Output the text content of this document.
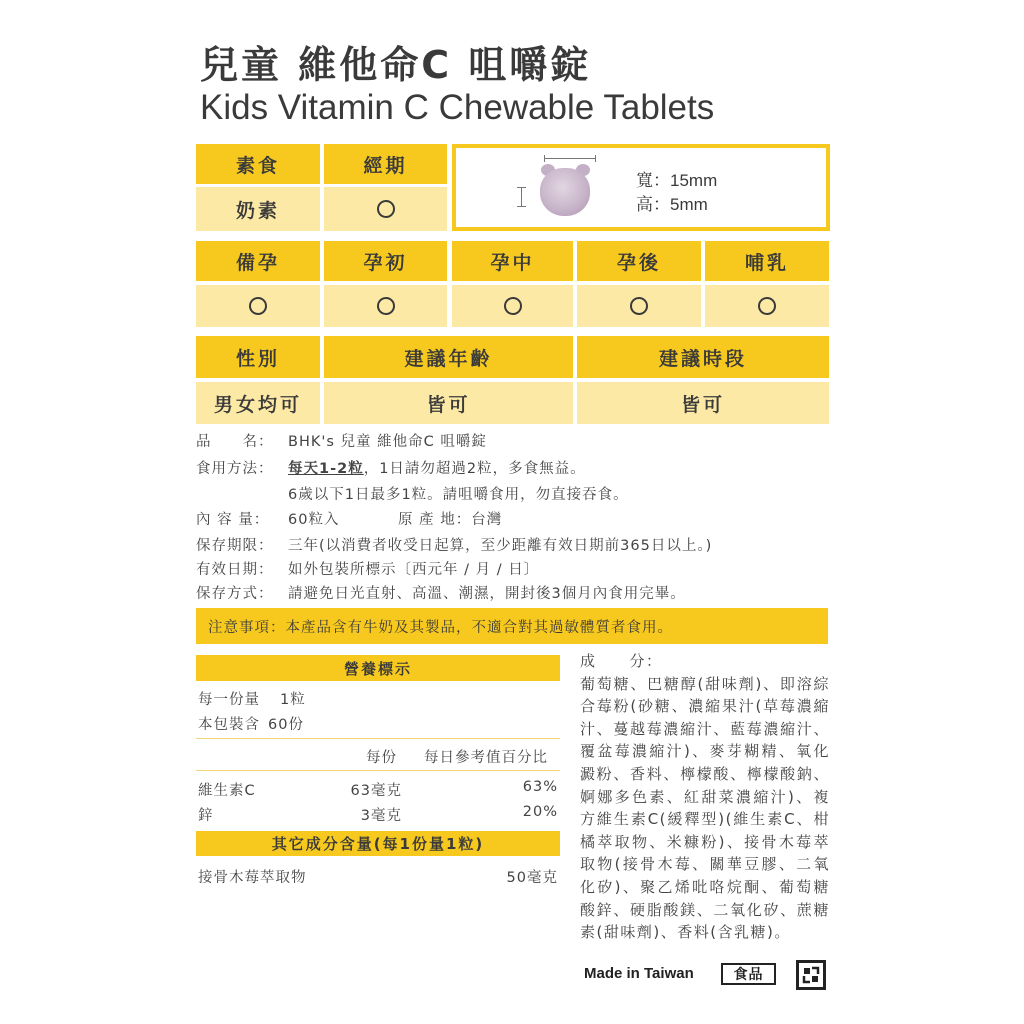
兒童 維他命C 咀嚼錠
Kids Vitamin C Chewable Tablets
素食	經期
奶素
寬：15mm
高：5mm
備孕	孕初	孕中	孕後	哺乳
性別	建議年齡	建議時段
男女均可	皆可	皆可
品　　名： BHK's 兒童 維他命C 咀嚼錠
食用方法： 每天1-2粒，1日請勿超過2粒，多食無益。
6歲以下1日最多1粒。請咀嚼食用，勿直接吞食。
內 容 量： 60粒入	原 產 地：台灣
保存期限： 三年(以消費者收受日起算，至少距離有效日期前365日以上。)
有效日期： 如外包裝所標示〔西元年 / 月 / 日〕
保存方式： 請避免日光直射、高溫、潮濕，開封後3個月內食用完畢。
注意事項：本產品含有牛奶及其製品，不適合對其過敏體質者食用。
營養標示
每一份量 1粒
本包裝含 60份
每份 每日參考值百分比
維生素C	63毫克	63%
鋅	3毫克	20%
其它成分含量(每1份量1粒)
接骨木莓萃取物	50毫克
成　　分：
葡萄糖、巴糖醇(甜味劑)、即溶綜合莓粉(砂糖、濃縮果汁(草莓濃縮汁、蔓越莓濃縮汁、藍莓濃縮汁、覆盆莓濃縮汁)、麥芽糊精、氧化澱粉、香料、檸檬酸、檸檬酸鈉、婀娜多色素、紅甜菜濃縮汁)、複方維生素C(緩釋型)(維生素C、柑橘萃取物、米糠粉)、接骨木莓萃取物(接骨木莓、關華豆膠、二氧化矽)、聚乙烯吡咯烷酮、葡萄糖酸鋅、硬脂酸鎂、二氧化矽、蔗糖素(甜味劑)、香料(含乳糖)。
Made in Taiwan	食品
